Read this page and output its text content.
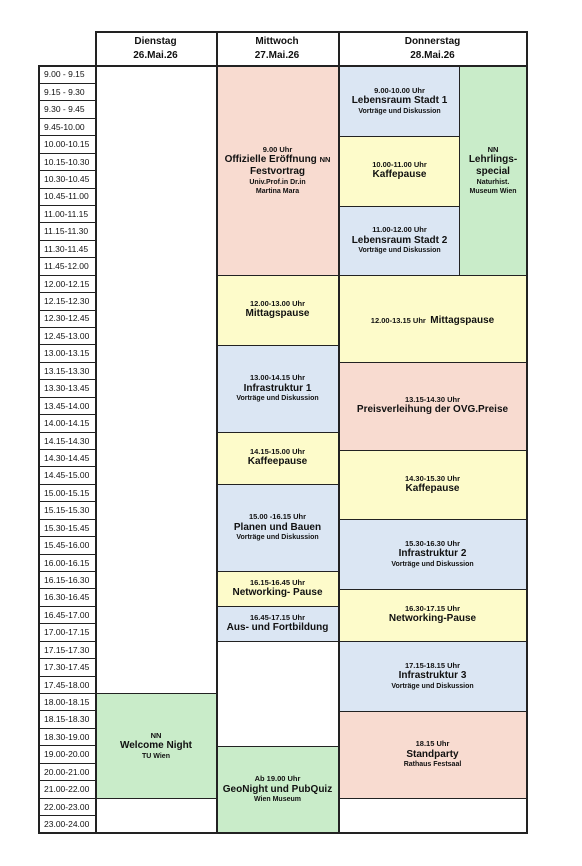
Dienstag
26.Mai.26
Mittwoch
27.Mai.26
Donnerstag
28.Mai.26
9.00 - 9.15
9.15 - 9.30
9.30 - 9.45
9.45-10.00
10.00-10.15
10.15-10.30
10.30-10.45
10.45-11.00
11.00-11.15
11.15-11.30
11.30-11.45
11.45-12.00
12.00-12.15
12.15-12.30
12.30-12.45
12.45-13.00
13.00-13.15
13.15-13.30
13.30-13.45
13.45-14.00
14.00-14.15
14.15-14.30
14.30-14.45
14.45-15.00
15.00-15.15
15.15-15.30
15.30-15.45
15.45-16.00
16.00-16.15
16.15-16.30
16.30-16.45
16.45-17.00
17.00-17.15
17.15-17.30
17.30-17.45
17.45-18.00
18.00-18.15
18.15-18.30
18.30-19.00
19.00-20.00
20.00-21.00
21.00-22.00
22.00-23.00
23.00-24.00
NN
Welcome Night
TU Wien
9.00 Uhr
Offizielle Eröffnung NN
Festvortrag
Univ.Prof.in Dr.in
Martina Mara
12.00-13.00 Uhr
Mittagspause
13.00-14.15 Uhr
Infrastruktur 1
Vorträge und Diskussion
14.15-15.00 Uhr
Kaffeepause
15.00 -16.15 Uhr
Planen und Bauen
Vorträge und Diskussion
16.15-16.45 Uhr
Networking- Pause
16.45-17.15 Uhr
Aus- und Fortbildung
Ab 19.00 Uhr
GeoNight und PubQuiz
Wien Museum
9.00-10.00 Uhr
Lebensraum Stadt 1
Vorträge und Diskussion
10.00-11.00 Uhr
Kaffepause
11.00-12.00 Uhr
Lebensraum Stadt 2
Vorträge und Diskussion
NN
Lehrlings-
special
Naturhist.
Museum Wien
12.00-13.15 Uhr Mittagspause
13.15-14.30 Uhr
Preisverleihung der OVG.Preise
14.30-15.30 Uhr
Kaffepause
15.30-16.30 Uhr
Infrastruktur 2
Vorträge und Diskussion
16.30-17.15 Uhr
Networking-Pause
17.15-18.15 Uhr
Infrastruktur 3
Vorträge und Diskussion
18.15 Uhr
Standparty
Rathaus Festsaal
